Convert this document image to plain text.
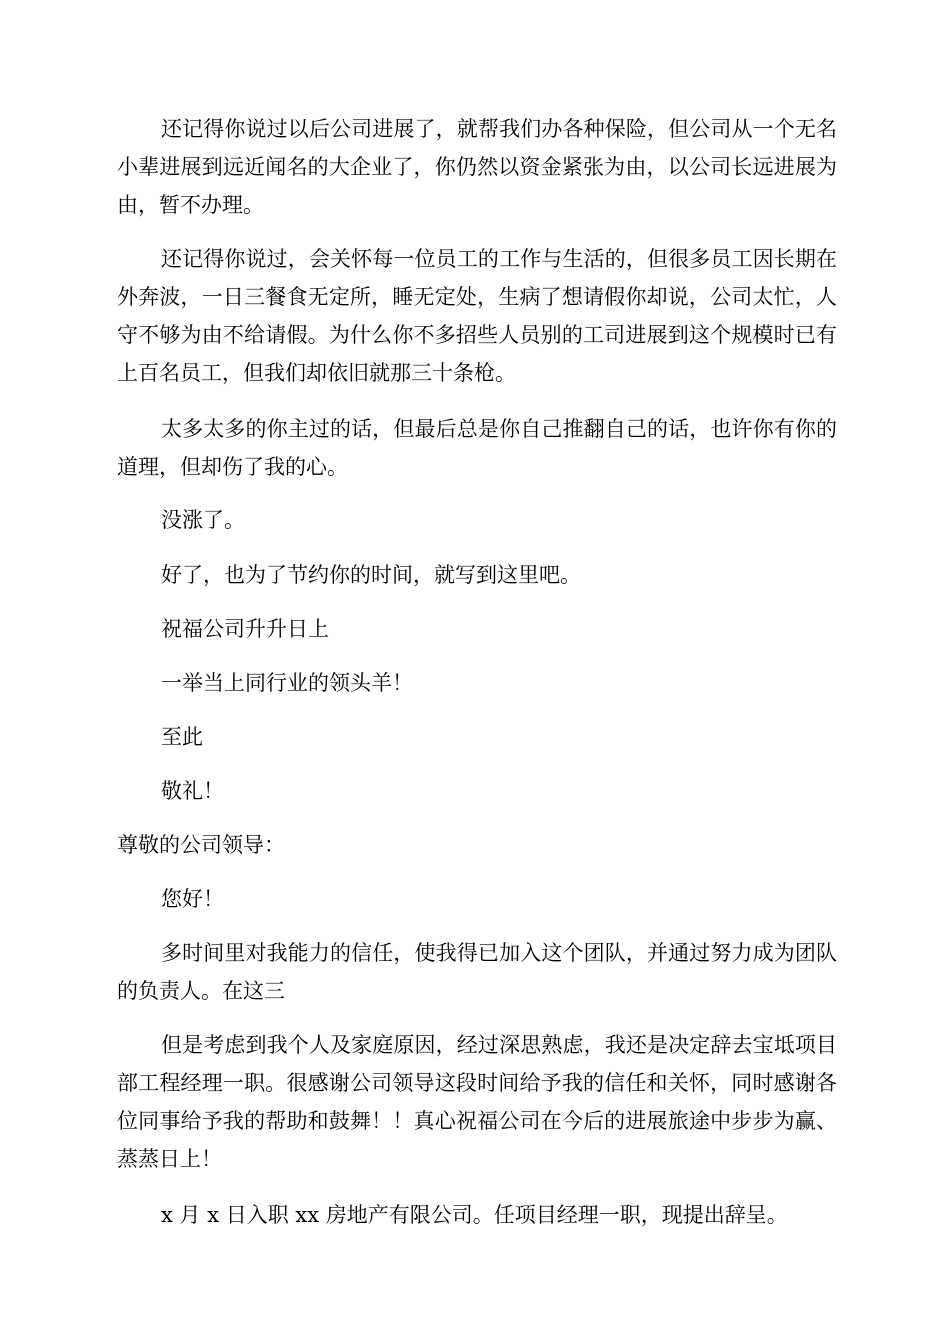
还记得你说过以后公司进展了，就帮我们办各种保险，但公司从一个无名小辈进展到远近闻名的大企业了，你仍然以资金紧张为由，以公司长远进展为由，暂不办理。

还记得你说过，会关怀每一位员工的工作与生活的，但很多员工因长期在外奔波，一日三餐食无定所，睡无定处，生病了想请假你却说，公司太忙，人守不够为由不给请假。为什么你不多招些人员别的工司进展到这个规模时已有上百名员工，但我们却依旧就那三十条枪。

太多太多的你主过的话，但最后总是你自己推翻自己的话，也许你有你的道理，但却伤了我的心。

没涨了。

好了，也为了节约你的时间，就写到这里吧。

祝福公司升升日上

一举当上同行业的领头羊！

至此

敬礼！

尊敬的公司领导：

您好！

多时间里对我能力的信任，使我得已加入这个团队，并通过努力成为团队的负责人。在这三

但是考虑到我个人及家庭原因，经过深思熟虑，我还是决定辞去宝坻项目部工程经理一职。很感谢公司领导这段时间给予我的信任和关怀，同时感谢各位同事给予我的帮助和鼓舞！！真心祝福公司在今后的进展旅途中步步为赢、蒸蒸日上！

x 月 x 日入职 xx 房地产有限公司。任项目经理一职，现提出辞呈。
